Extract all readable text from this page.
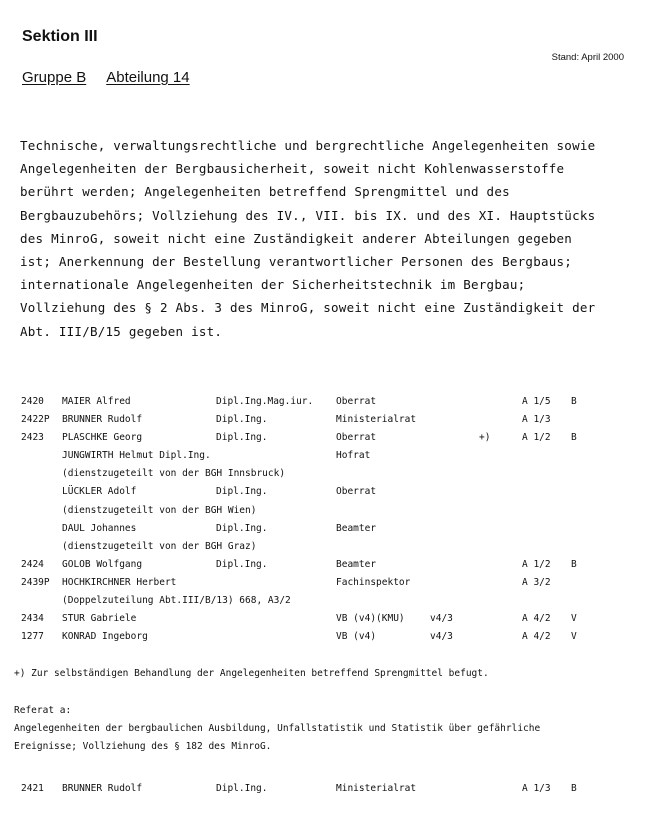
Sektion III
Stand: April 2000
Gruppe B Abteilung 14
Technische, verwaltungsrechtliche und bergrechtliche Angelegenheiten sowie
Angelegenheiten der Bergbausicherheit, soweit nicht Kohlenwasserstoffe
berührt werden; Angelegenheiten betreffend Sprengmittel und des
Bergbauzubehörs; Vollziehung des IV., VII. bis IX. und des XI. Hauptstücks
des MinroG, soweit nicht eine Zuständigkeit anderer Abteilungen gegeben
ist; Anerkennung der Bestellung verantwortlicher Personen des Bergbaus;
internationale Angelegenheiten der Sicherheitstechnik im Bergbau;
Vollziehung des § 2 Abs. 3 des MinroG, soweit nicht eine Zuständigkeit der
Abt. III/B/15 gegeben ist.
2420 MAIER Alfred	Dipl.Ing.Mag.iur. Oberrat	A 1/5 B
2422P BRUNNER Rudolf	Dipl.Ing.	Ministerialrat	A 1/3
2423 PLASCHKE Georg	Dipl.Ing.	Oberrat	+)	A 1/2 B
JUNGWIRTH Helmut Dipl.Ing.	Hofrat
(dienstzugeteilt von der BGH Innsbruck)
LÜCKLER Adolf	Dipl.Ing.	Oberrat
(dienstzugeteilt von der BGH Wien)
DAUL Johannes	Dipl.Ing.	Beamter
(dienstzugeteilt von der BGH Graz)
2424 GOLOB Wolfgang	Dipl.Ing.	Beamter	A 1/2 B
2439P HOCHKIRCHNER Herbert	Fachinspektor	A 3/2
(Doppelzuteilung Abt.III/B/13) 668, A3/2
2434 STUR Gabriele	VB (v4)(KMU)	v4/3	A 4/2 V
1277 KONRAD Ingeborg	VB (v4)	v4/3	A 4/2 V
+) Zur selbständigen Behandlung der Angelegenheiten betreffend Sprengmittel befugt.
Referat a:
Angelegenheiten der bergbaulichen Ausbildung, Unfallstatistik und Statistik über gefährliche
Ereignisse; Vollziehung des § 182 des MinroG.
2421 BRUNNER Rudolf	Dipl.Ing.	Ministerialrat	A 1/3 B
